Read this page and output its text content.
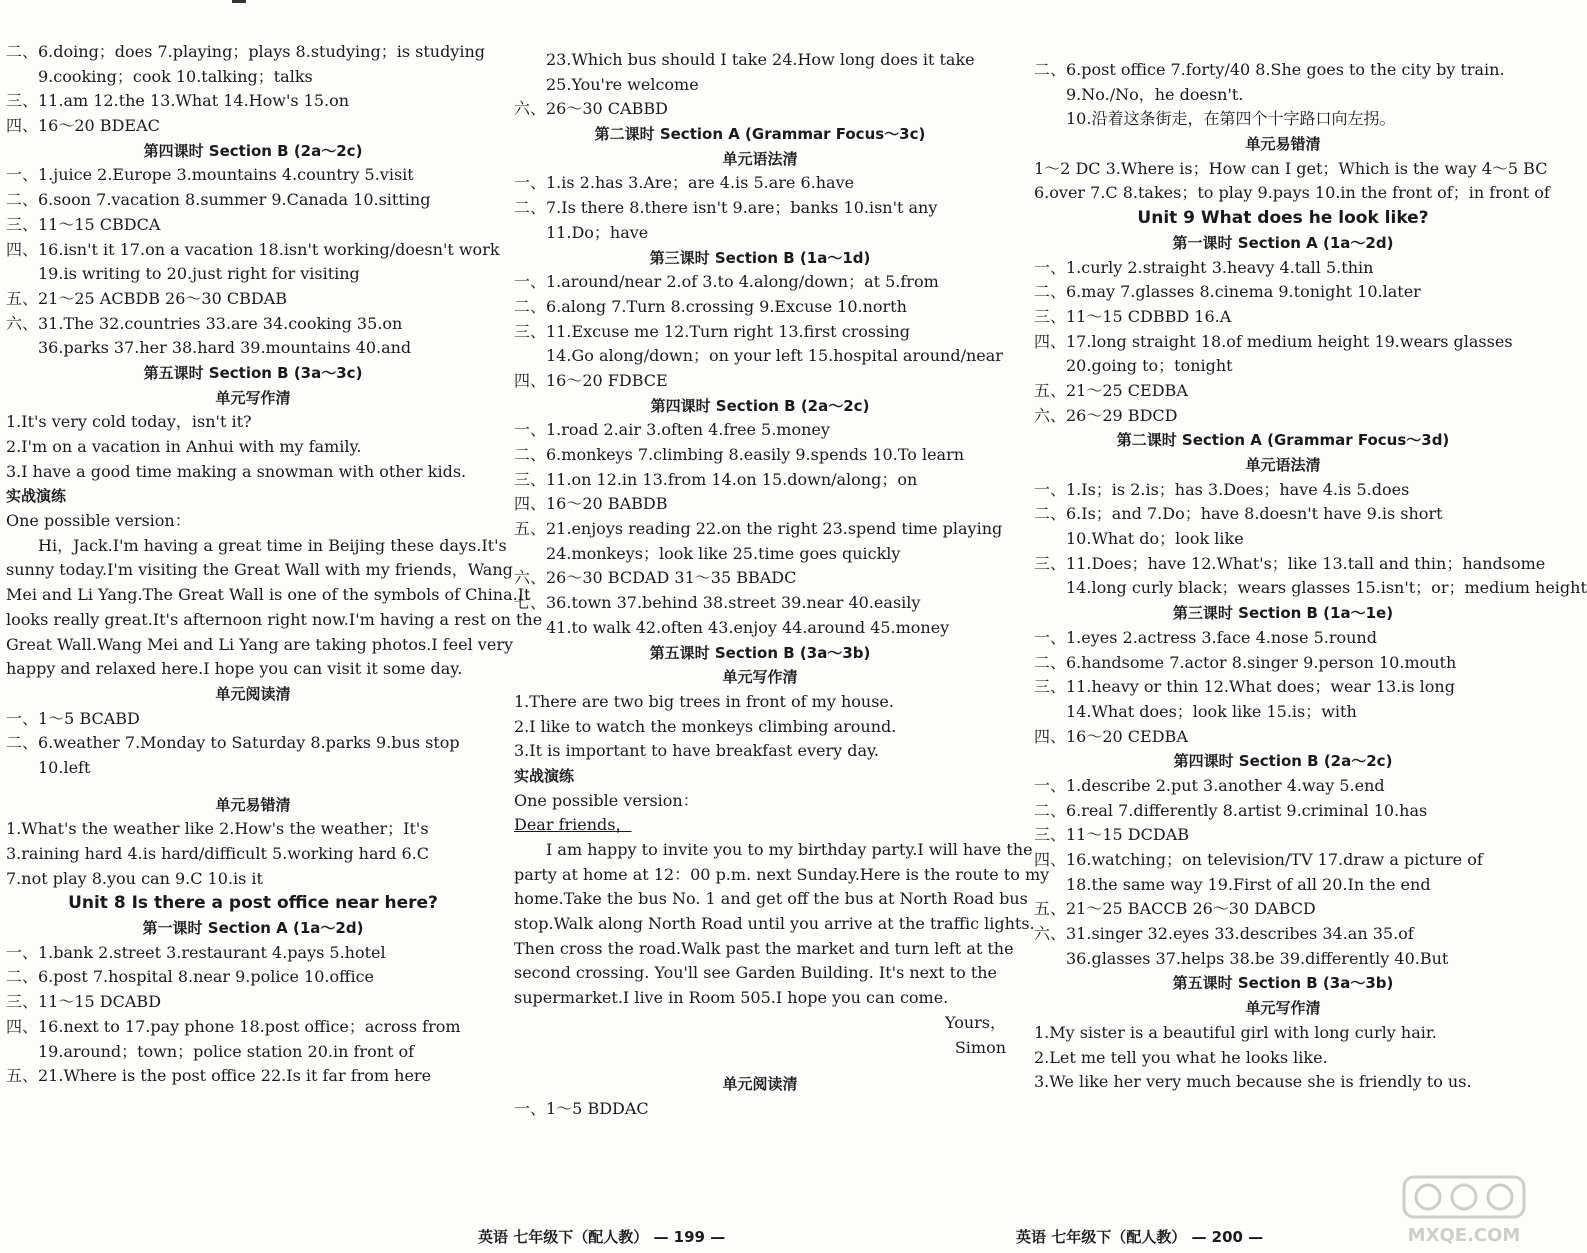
二、6.doing；does 7.playing；plays 8.studying；is studying
9.cooking；cook 10.talking；talks
三、11.am 12.the 13.What 14.How's 15.on
四、16～20 BDEAC
第四课时 Section B (2a～2c)
一、1.juice 2.Europe 3.mountains 4.country 5.visit
二、6.soon 7.vacation 8.summer 9.Canada 10.sitting
三、11～15 CBDCA
四、16.isn't it 17.on a vacation 18.isn't working/doesn't work
19.is writing to 20.just right for visiting
五、21～25 ACBDB 26～30 CBDAB
六、31.The 32.countries 33.are 34.cooking 35.on
36.parks 37.her 38.hard 39.mountains 40.and
第五课时 Section B (3a～3c)
单元写作清
1.It's very cold today，isn't it?
2.I'm on a vacation in Anhui with my family.
3.I have a good time making a snowman with other kids.
实战演练
One possible version：
Hi，Jack.I'm having a great time in Beijing these days.It's
sunny today.I'm visiting the Great Wall with my friends，Wang
Mei and Li Yang.The Great Wall is one of the symbols of China.It
looks really great.It's afternoon right now.I'm having a rest on the
Great Wall.Wang Mei and Li Yang are taking photos.I feel very
happy and relaxed here.I hope you can visit it some day.
单元阅读清
一、1～5 BCABD
二、6.weather 7.Monday to Saturday 8.parks 9.bus stop
10.left
单元易错清
1.What's the weather like 2.How's the weather；It's
3.raining hard 4.is hard/difficult 5.working hard 6.C
7.not play 8.you can 9.C 10.is it
Unit 8 Is there a post office near here?
第一课时 Section A (1a～2d)
一、1.bank 2.street 3.restaurant 4.pays 5.hotel
二、6.post 7.hospital 8.near 9.police 10.office
三、11～15 DCABD
四、16.next to 17.pay phone 18.post office；across from
19.around；town；police station 20.in front of
五、21.Where is the post office 22.Is it far from here
23.Which bus should I take 24.How long does it take
25.You're welcome
六、26～30 CABBD
第二课时 Section A (Grammar Focus～3c)
单元语法清
一、1.is 2.has 3.Are；are 4.is 5.are 6.have
二、7.Is there 8.there isn't 9.are；banks 10.isn't any
11.Do；have
第三课时 Section B (1a～1d)
一、1.around/near 2.of 3.to 4.along/down；at 5.from
二、6.along 7.Turn 8.crossing 9.Excuse 10.north
三、11.Excuse me 12.Turn right 13.first crossing
14.Go along/down；on your left 15.hospital around/near
四、16～20 FDBCE
第四课时 Section B (2a～2c)
一、1.road 2.air 3.often 4.free 5.money
二、6.monkeys 7.climbing 8.easily 9.spends 10.To learn
三、11.on 12.in 13.from 14.on 15.down/along；on
四、16～20 BABDB
五、21.enjoys reading 22.on the right 23.spend time playing
24.monkeys；look like 25.time goes quickly
六、26～30 BCDAD 31～35 BBADC
七、36.town 37.behind 38.street 39.near 40.easily
41.to walk 42.often 43.enjoy 44.around 45.money
第五课时 Section B (3a～3b)
单元写作清
1.There are two big trees in front of my house.
2.I like to watch the monkeys climbing around.
3.It is important to have breakfast every day.
实战演练
One possible version：
Dear friends，
I am happy to invite you to my birthday party.I will have the
party at home at 12：00 p.m. next Sunday.Here is the route to my
home.Take the bus No. 1 and get off the bus at North Road bus
stop.Walk along North Road until you arrive at the traffic lights.
Then cross the road.Walk past the market and turn left at the
second crossing. You'll see Garden Building. It's next to the
supermarket.I live in Room 505.I hope you can come.
Yours，
Simon
单元阅读清
一、1～5 BDDAC
二、6.post office 7.forty/40 8.She goes to the city by train.
9.No./No，he doesn't.
10.沿着这条街走，在第四个十字路口向左拐。
单元易错清
1～2 DC 3.Where is；How can I get；Which is the way 4～5 BC
6.over 7.C 8.takes；to play 9.pays 10.in the front of；in front of
Unit 9 What does he look like?
第一课时 Section A (1a～2d)
一、1.curly 2.straight 3.heavy 4.tall 5.thin
二、6.may 7.glasses 8.cinema 9.tonight 10.later
三、11～15 CDBBD 16.A
四、17.long straight 18.of medium height 19.wears glasses
20.going to；tonight
五、21～25 CEDBA
六、26～29 BDCD
第二课时 Section A (Grammar Focus～3d)
单元语法清
一、1.Is；is 2.is；has 3.Does；have 4.is 5.does
二、6.Is；and 7.Do；have 8.doesn't have 9.is short
10.What do；look like
三、11.Does；have 12.What's；like 13.tall and thin；handsome
14.long curly black；wears glasses 15.isn't；or；medium height
第三课时 Section B (1a～1e)
一、1.eyes 2.actress 3.face 4.nose 5.round
二、6.handsome 7.actor 8.singer 9.person 10.mouth
三、11.heavy or thin 12.What does；wear 13.is long
14.What does；look like 15.is；with
四、16～20 CEDBA
第四课时 Section B (2a～2c)
一、1.describe 2.put 3.another 4.way 5.end
二、6.real 7.differently 8.artist 9.criminal 10.has
三、11～15 DCDAB
四、16.watching；on television/TV 17.draw a picture of
18.the same way 19.First of all 20.In the end
五、21～25 BACCB 26～30 DABCD
六、31.singer 32.eyes 33.describes 34.an 35.of
36.glasses 37.helps 38.be 39.differently 40.But
第五课时 Section B (3a～3b)
单元写作清
1.My sister is a beautiful girl with long curly hair.
2.Let me tell you what he looks like.
3.We like her very much because she is friendly to us.
英语 七年级下（配人教） — 199 —	英语 七年级下（配人教） — 200 —	MXQE.COM
